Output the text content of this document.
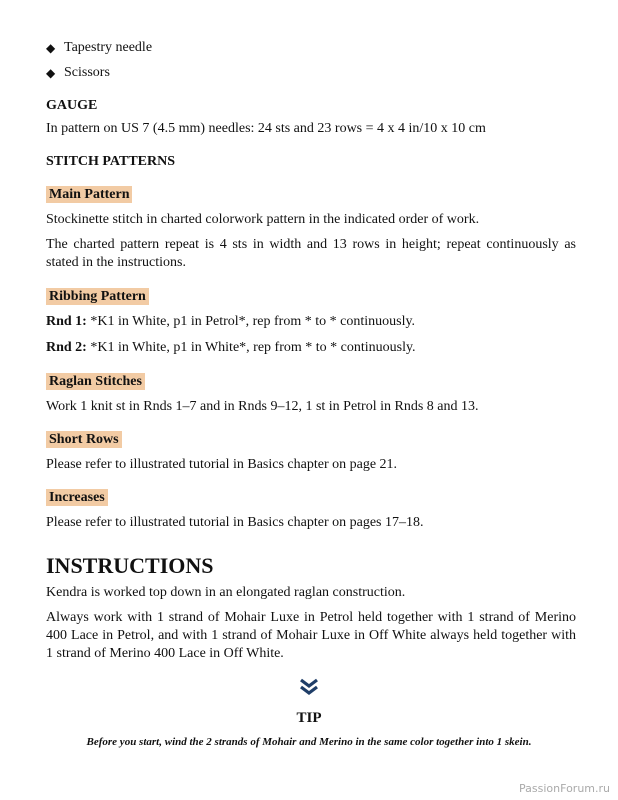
◆ Tapestry needle
◆ Scissors
GAUGE
In pattern on US 7 (4.5 mm) needles: 24 sts and 23 rows = 4 x 4 in/10 x 10 cm
STITCH PATTERNS
Main Pattern
Stockinette stitch in charted colorwork pattern in the indicated order of work.
The charted pattern repeat is 4 sts in width and 13 rows in height; repeat continuously as stated in the instructions.
Ribbing Pattern
Rnd 1: *K1 in White, p1 in Petrol*, rep from * to * continuously.
Rnd 2: *K1 in White, p1 in White*, rep from * to * continuously.
Raglan Stitches
Work 1 knit st in Rnds 1–7 and in Rnds 9–12, 1 st in Petrol in Rnds 8 and 13.
Short Rows
Please refer to illustrated tutorial in Basics chapter on page 21.
Increases
Please refer to illustrated tutorial in Basics chapter on pages 17–18.
INSTRUCTIONS
Kendra is worked top down in an elongated raglan construction.
Always work with 1 strand of Mohair Luxe in Petrol held together with 1 strand of Merino 400 Lace in Petrol, and with 1 strand of Mohair Luxe in Off White always held together with 1 strand of Merino 400 Lace in Off White.
TIP
Before you start, wind the 2 strands of Mohair and Merino in the same color together into 1 skein.
PassionForum.ru
